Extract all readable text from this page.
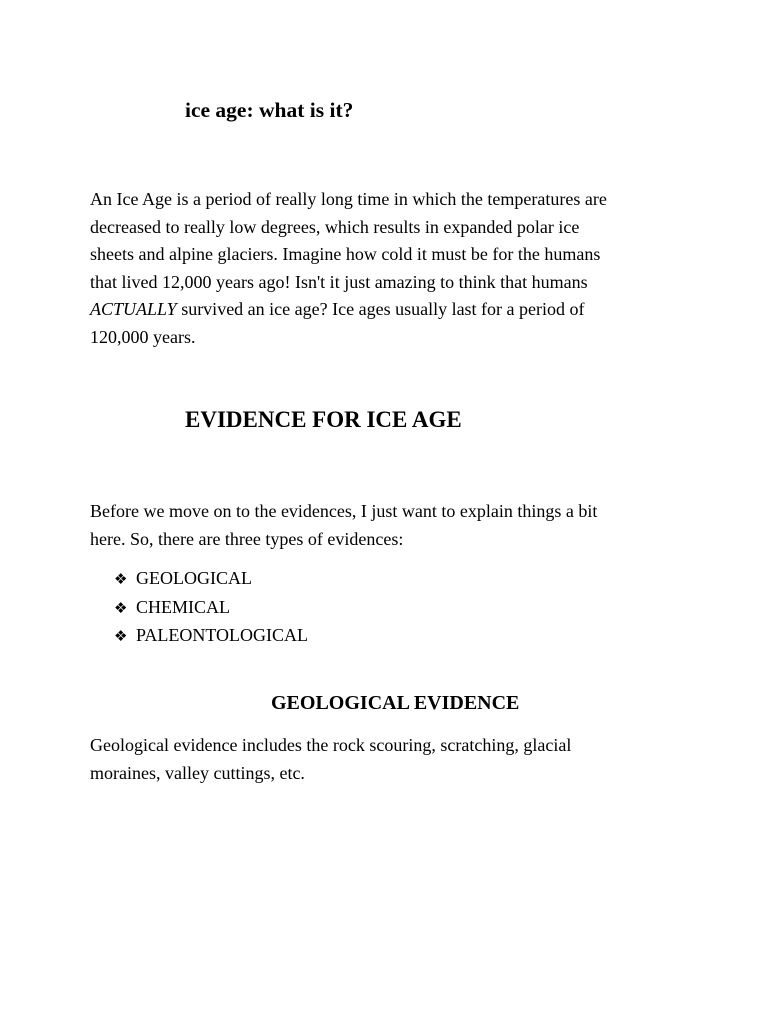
ice age: what is it?
An Ice Age is a period of really long time in which the temperatures are
decreased to really low degrees, which results in expanded polar ice
sheets and alpine glaciers. Imagine how cold it must be for the humans
that lived 12,000 years ago! Isn't it just amazing to think that humans
ACTUALLY survived an ice age? Ice ages usually last for a period of
120,000 years.
EVIDENCE FOR ICE AGE
Before we move on to the evidences, I just want to explain things a bit
here. So, there are three types of evidences:
❖ GEOLOGICAL
❖ CHEMICAL
❖ PALEONTOLOGICAL
GEOLOGICAL EVIDENCE
Geological evidence includes the rock scouring, scratching, glacial
moraines, valley cuttings, etc.
